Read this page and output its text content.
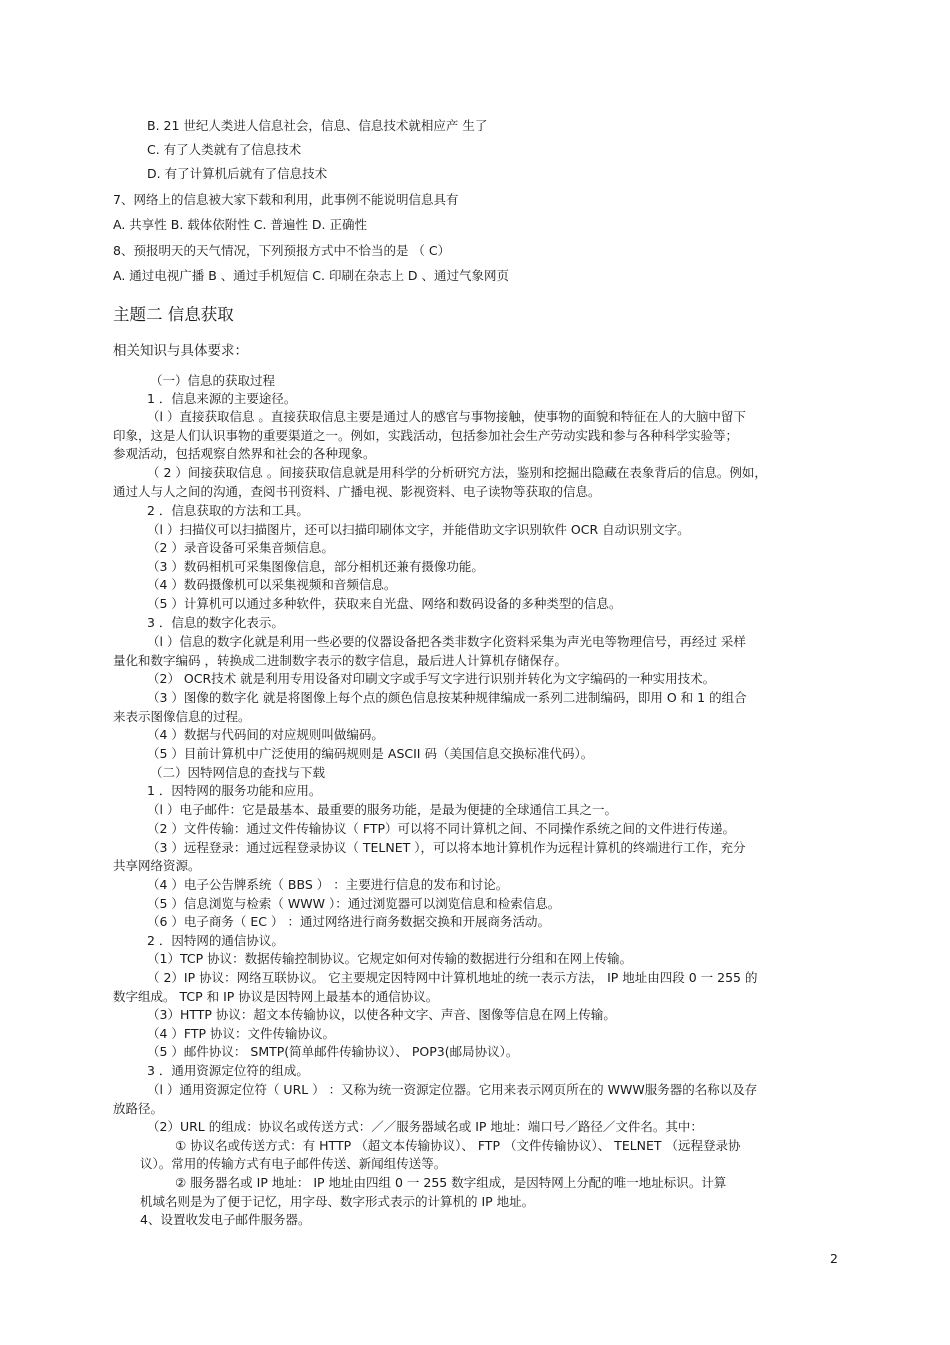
B. 21 世纪人类进人信息社会，信息、信息技术就相应产 生了
C. 有了人类就有了信息技术
D. 有了计算机后就有了信息技术
7、网络上的信息被大家下载和利用，此事例不能说明信息具有
A. 共享性 B. 载体依附性 C. 普遍性 D. 正确性
8、预报明天的天气情况，下列预报方式中不恰当的是 （ C）
A. 通过电视广播 B 、通过手机短信 C. 印刷在杂志上 D 、通过气象网页
主题二 信息获取
相关知识与具体要求：
（一）信息的获取过程
1 ．信息来源的主要途径。
（l ）直接获取信息 。直接获取信息主要是通过人的感官与事物接触，使事物的面貌和特征在人的大脑中留下
印象，这是人们认识事物的重要渠道之一。例如，实践活动，包括参加社会生产劳动实践和参与各种科学实验等；
参观活动，包括观察自然界和社会的各种现象。
（ 2 ）间接获取信息 。间接获取信息就是用科学的分析研究方法，鉴别和挖掘出隐藏在表象背后的信息。例如，
通过人与人之间的沟通，查阅书刊资料、广播电视、影视资料、电子读物等获取的信息。
2 ．信息获取的方法和工具。
（l ）扫描仪可以扫描图片，还可以扫描印刷体文字，并能借助文字识别软件 OCR 自动识别文字。
（2 ）录音设备可采集音频信息。
（3 ）数码相机可采集图像信息，部分相机还兼有摄像功能。
（4 ）数码摄像机可以采集视频和音频信息。
（5 ）计算机可以通过多种软件，获取来自光盘、网络和数码设备的多种类型的信息。
3 ．信息的数字化表示。
（l ）信息的数字化就是利用一些必要的仪器设备把各类非数字化资料采集为声光电等物理信号，再经过 采样
量化和数字编码 ，转换成二进制数字表示的数字信息，最后进人计算机存储保存。
（2） OCR技术 就是利用专用设备对印刷文字或手写文字进行识别并转化为文字编码的一种实用技术。
（3 ）图像的数字化 就是将图像上每个点的颜色信息按某种规律编成一系列二进制编码，即用 O 和 1 的组合
来表示图像信息的过程。
（4 ）数据与代码间的对应规则叫做编码。
（5 ）目前计算机中广泛使用的编码规则是 ASCII 码（美国信息交换标准代码）。
（二）因特网信息的查找与下载
1 ．因特网的服务功能和应用。
（l ）电子邮件：它是最基本、最重要的服务功能，是最为便捷的全球通信工具之一。
（2 ）文件传输：通过文件传输协议（ FTP）可以将不同计算机之间、不同操作系统之间的文件进行传递。
（3 ）远程登录：通过远程登录协议（ TELNET ），可以将本地计算机作为远程计算机的终端进行工作，充分
共享网络资源。
（4 ）电子公告牌系统（ BBS ） ：主要进行信息的发布和讨论。
（5 ）信息浏览与检索（ WWW ）：通过浏览器可以浏览信息和检索信息。
（6 ）电子商务（ EC ） ：通过网络进行商务数据交换和开展商务活动。
2 ．因特网的通信协议。
（1）TCP 协议：数据传输控制协议。它规定如何对传输的数据进行分组和在网上传输。
（ 2）IP 协议：网络互联协议。 它主要规定因特网中计算机地址的统一表示方法， IP 地址由四段 0 一 255 的
数字组成。 TCP 和 IP 协议是因特网上最基本的通信协议。
（3）HTTP 协议：超文本传输协议，以使各种文字、声音、图像等信息在网上传输。
（4 ）FTP 协议：文件传输协议。
（5 ）邮件协议： SMTP(简单邮件传输协议）、 POP3(邮局协议）。
3 ．通用资源定位符的组成。
（l ）通用资源定位符（ URL ） ：又称为统一资源定位器。它用来表示网页所在的 WWW服务器的名称以及存
放路径。
（2）URL 的组成：协议名或传送方式：／／服务器域名或 IP 地址：端口号／路径／文件名。其中：
① 协议名或传送方式：有 HTTP （超文本传输协议）、 FTP （文件传输协议）、 TELNET （远程登录协
议）。常用的传输方式有电子邮件传送、新闻组传送等。
② 服务器名或 IP 地址： IP 地址由四组 0 一 255 数字组成，是因特网上分配的唯一地址标识。计算
机域名则是为了便于记忆，用字母、数字形式表示的计算机的 IP 地址。
4、设置收发电子邮件服务器。
2
